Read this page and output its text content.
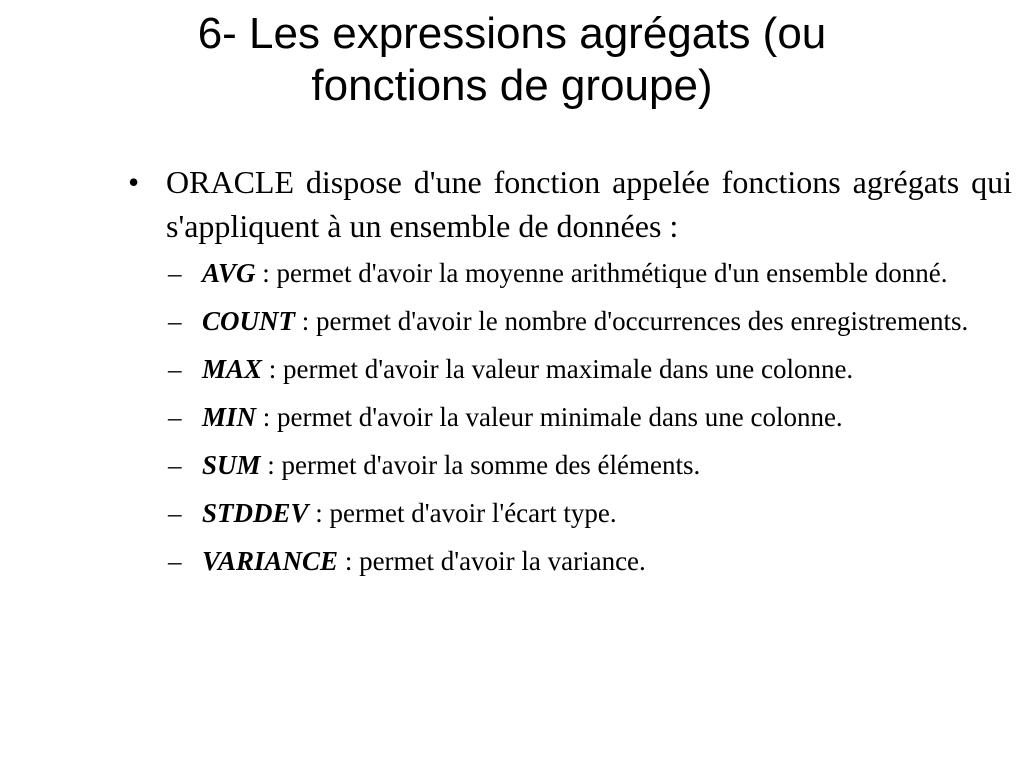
6- Les expressions agrégats (ou
fonctions de groupe)
• ORACLE dispose d'une fonction appelée fonctions agrégats qui s'appliquent à un ensemble de données :
– AVG : permet d'avoir la moyenne arithmétique d'un ensemble donné.
– COUNT : permet d'avoir le nombre d'occurrences des enregistrements.
– MAX : permet d'avoir la valeur maximale dans une colonne.
– MIN : permet d'avoir la valeur minimale dans une colonne.
– SUM : permet d'avoir la somme des éléments.
– STDDEV : permet d'avoir l'écart type.
– VARIANCE : permet d'avoir la variance.
